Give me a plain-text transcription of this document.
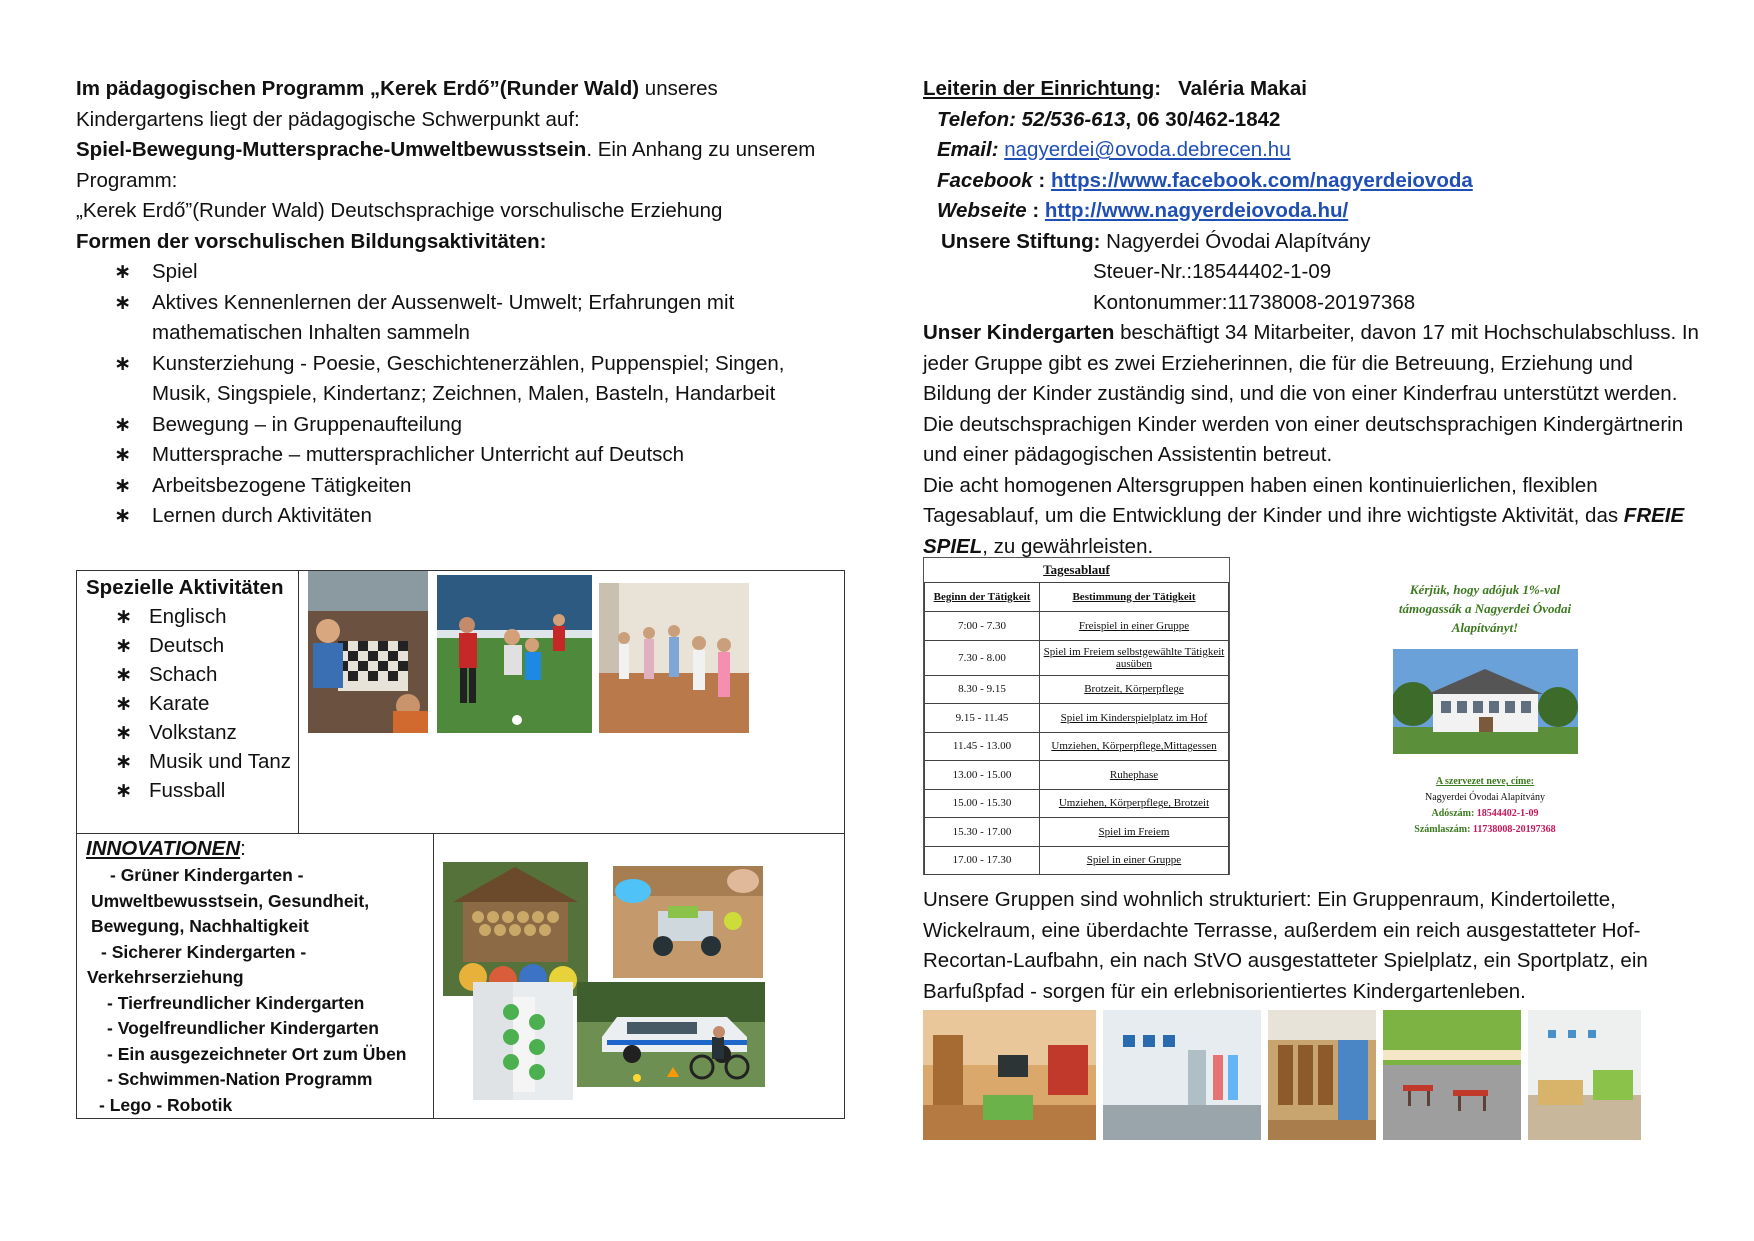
Im pädagogischen Programm „Kerek Erdő”(Runder Wald) unseres Kindergartens liegt der pädagogische Schwerpunkt auf:

Spiel-Bewegung-Muttersprache-Umweltbewusstsein. Ein Anhang zu unserem Programm:

„Kerek Erdő”(Runder Wald) Deutschsprachige vorschulische Erziehung

Formen der vorschulischen Bildungsaktivitäten:

∗ Spiel
∗ Aktives Kennenlernen der Aussenwelt- Umwelt; Erfahrungen mit mathematischen Inhalten sammeln
∗ Kunsterziehung - Poesie, Geschichtenerzählen, Puppenspiel; Singen, Musik, Singspiele, Kindertanz; Zeichnen, Malen, Basteln, Handarbeit
∗ Bewegung – in Gruppenaufteilung
∗ Muttersprache – muttersprachlicher Unterricht auf Deutsch
∗ Arbeitsbezogene Tätigkeiten
∗ Lernen durch Aktivitäten
Spezielle Aktivitäten
∗ Englisch
∗ Deutsch
∗ Schach
∗ Karate
∗ Volkstanz
∗ Musik und Tanz
∗ Fussball
INNOVATIONEN:
- Grüner Kindergarten -
Umweltbewusstsein, Gesundheit,
Bewegung, Nachhaltigkeit
- Sicherer Kindergarten -
Verkehrserziehung
- Tierfreundlicher Kindergarten
- Vogelfreundlicher Kindergarten
- Ein ausgezeichneter Ort zum Üben
- Schwimmen-Nation Programm
- Lego - Robotik

Leiterin der Einrichtung: Valéria Makai

Telefon: 52/536-613, 06 30/462-1842

Email: nagyerdei@ovoda.debrecen.hu

Facebook : https://www.facebook.com/nagyerdeiovoda

Webseite : http://www.nagyerdeiovoda.hu/

Unsere Stiftung: Nagyerdei Óvodai Alapítvány

Steuer-Nr.:18544402-1-09

Kontonummer:11738008-20197368

Unser Kindergarten beschäftigt 34 Mitarbeiter, davon 17 mit Hochschulabschluss. In jeder Gruppe gibt es zwei Erzieherinnen, die für die Betreuung, Erziehung und Bildung der Kinder zuständig sind, und die von einer Kinderfrau unterstützt werden. Die deutschsprachigen Kinder werden von einer deutschsprachigen Kindergärtnerin und einer pädagogischen Assistentin betreut.

Die acht homogenen Altersgruppen haben einen kontinuierlichen, flexiblen Tagesablauf, um die Entwicklung der Kinder und ihre wichtigste Aktivität, das FREIE SPIEL, zu gewährleisten.

Tagesablauf
Beginn der Tätigkeit	Bestimmung der Tätigkeit
7:00 - 7.30	Freispiel in einer Gruppe
7.30 - 8.00	Spiel im Freiem selbstgewählte Tätigkeit ausüben
8.30 - 9.15	Brotzeit, Körperpflege
9.15 - 11.45	Spiel im Kinderspielplatz im Hof
11.45 - 13.00	Umziehen, Körperpflege,Mittagessen
13.00 - 15.00	Ruhephase
15.00 - 15.30	Umziehen, Körperpflege, Brotzeit
15.30 - 17.00	Spiel im Freiem
17.00 - 17.30	Spiel in einer Gruppe
Kérjük, hogy adójuk 1%-val támogassák a Nagyerdei Óvodai Alapítványt!
A szervezet neve, címe:
Nagyerdei Óvodai Alapítvány
Adószám: 18544402-1-09
Számlaszám: 11738008-20197368

Unsere Gruppen sind wohnlich strukturiert: Ein Gruppenraum, Kindertoilette, Wickelraum, eine überdachte Terrasse, außerdem ein reich ausgestatteter Hof- Recortan-Laufbahn, ein nach StVO ausgestatteter Spielplatz, ein Sportplatz, ein Barfußpfad - sorgen für ein erlebnisorientiertes Kindergartenleben.
